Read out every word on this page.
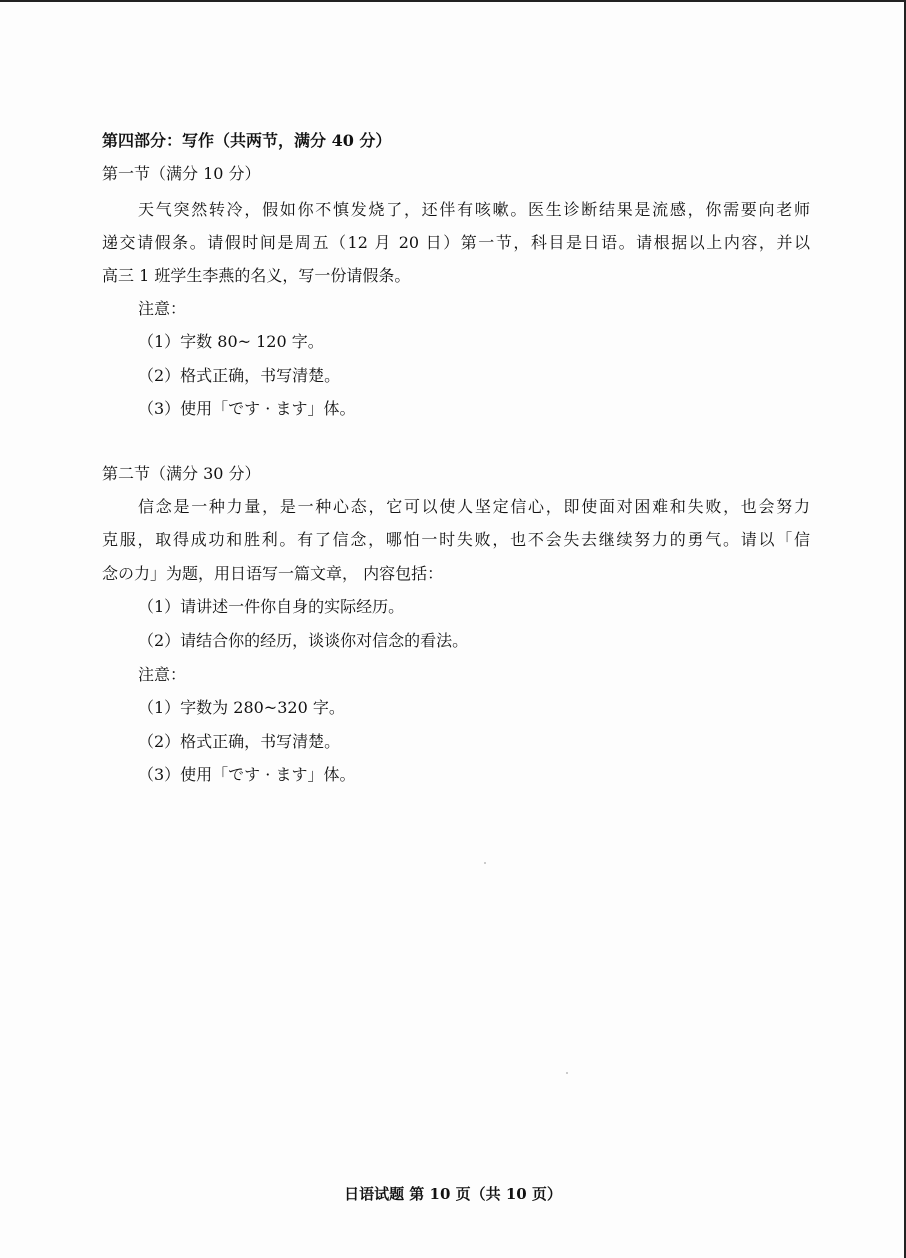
第四部分：写作（共两节，满分 40 分）
第一节（满分 10 分）
天气突然转冷，假如你不慎发烧了，还伴有咳嗽。医生诊断结果是流感，你需要向老师
递交请假条。请假时间是周五（12 月 20 日）第一节，科目是日语。请根据以上内容，并以
高三 1 班学生李燕的名义，写一份请假条。
注意：
（1）字数 80~ 120 字。
（2）格式正确，书写清楚。
（3）使用「です · ます」体。
第二节（满分 30 分）
信念是一种力量，是一种心态，它可以使人坚定信心，即使面对困难和失败，也会努力
克服，取得成功和胜利。有了信念，哪怕一时失败，也不会失去继续努力的勇气。请以「信
念の力」为题，用日语写一篇文章， 内容包括：
（1）请讲述一件你自身的实际经历。
（2）请结合你的经历，谈谈你对信念的看法。
注意：
（1）字数为 280~320 字。
（2）格式正确，书写清楚。
（3）使用「です · ます」体。
日语试题 第 10 页（共 10 页）
